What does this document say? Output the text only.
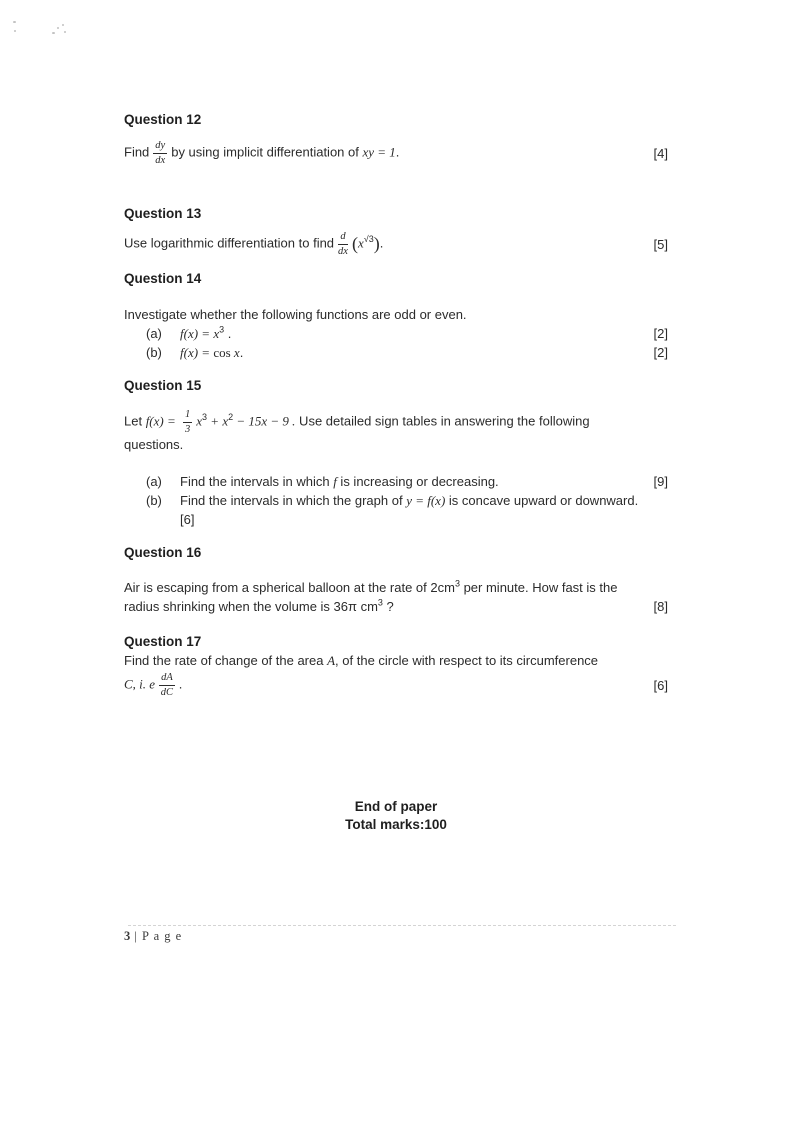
Question 12
Find $\frac{dy}{dx}$ by using implicit differentiation of xy = 1.	[4]
Question 13
Use logarithmic differentiation to find $\frac{d}{dx} (x^{√3})$.	[5]
Question 14
Investigate whether the following functions are odd or even.
(a)	$f(x) = x^3$ .	[2]
(b)	f(x) = cos x.	[2]
Question 15
Let $f(x) = \frac{1}{3} x^3 + x^2 - 15x - 9$ . Use detailed sign tables in answering the following
questions.
(a)	Find the intervals in which f is increasing or decreasing.	[9]
(b)	Find the intervals in which the graph of y = f(x) is concave upward or downward.
[6]
Question 16
Air is escaping from a spherical balloon at the rate of $2cm^3$ per minute. How fast is the
radius shrinking when the volume is 36π $cm^3$ ?	[8]
Question 17
Find the rate of change of the area A, of the circle with respect to its circumference
C, i. e $\frac{dA}{dC}$ .	[6]
End of paper
Total marks:100
3 | P a g e
